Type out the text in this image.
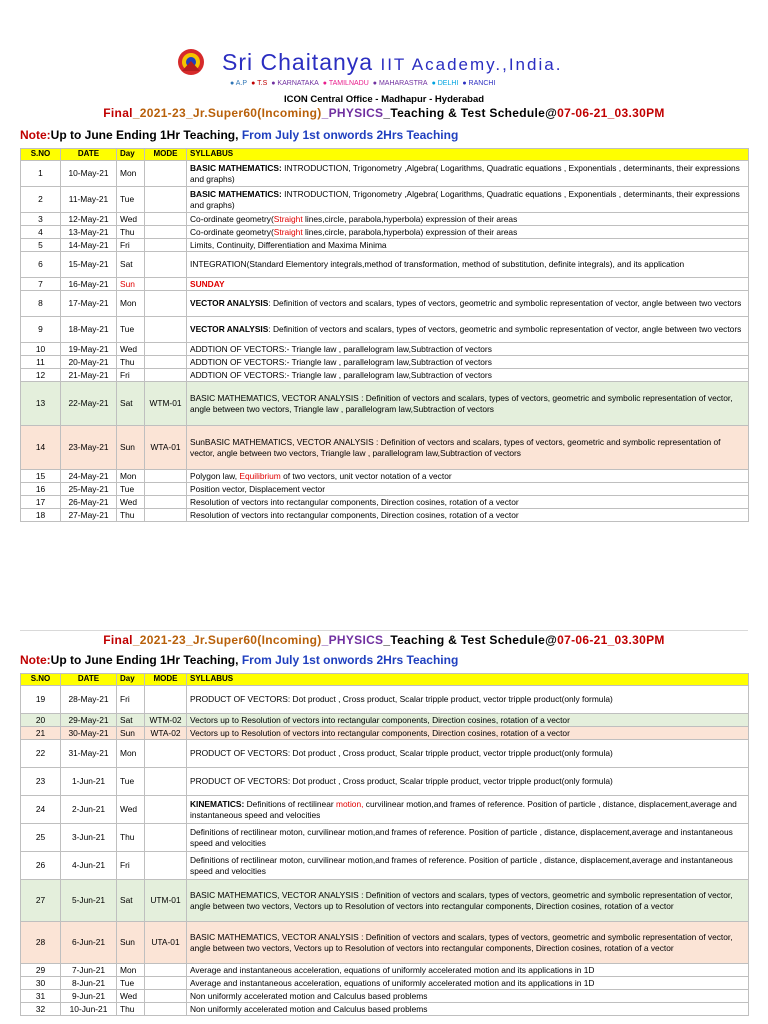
Sri Chaitanya IIT Academy.,India.
● A.P ● T.S ● KARNATAKA ● TAMILNADU ● MAHARASTRA ● DELHI ● RANCHI
ICON Central Office - Madhapur - Hyderabad
Final_2021-23_Jr.Super60(Incoming)_PHYSICS_Teaching & Test Schedule@07-06-21_03.30PM
Note:Up to June Ending 1Hr Teaching, From July 1st onwords 2Hrs Teaching
S.NO	DATE	Day	MODE	SYLLABUS
1	10-May-21	Mon		BASIC MATHEMATICS: INTRODUCTION, Trigonometry ,Algebra( Logarithms, Quadratic equations , Exponentials , determinants, their expressions and graphs)
2	11-May-21	Tue		BASIC MATHEMATICS: INTRODUCTION, Trigonometry ,Algebra( Logarithms, Quadratic equations , Exponentials , determinants, their expressions and graphs)
3	12-May-21	Wed		Co-ordinate geometry(Straight lines,circle, parabola,hyperbola) expression of their areas
4	13-May-21	Thu		Co-ordinate geometry(Straight lines,circle, parabola,hyperbola) expression of their areas
5	14-May-21	Fri		Limits, Continuity, Differentiation and Maxima Minima
6	15-May-21	Sat		INTEGRATION(Standard Elementory integrals,method of transformation, method of substitution, definite integrals), and its application
7	16-May-21	Sun		SUNDAY
8	17-May-21	Mon		VECTOR ANALYSIS: Definition of vectors and scalars, types of vectors, geometric and symbolic representation of vector, angle between two vectors
9	18-May-21	Tue		VECTOR ANALYSIS: Definition of vectors and scalars, types of vectors, geometric and symbolic representation of vector, angle between two vectors
10	19-May-21	Wed		ADDTION OF VECTORS:- Triangle law , parallelogram law,Subtraction of vectors
11	20-May-21	Thu		ADDTION OF VECTORS:- Triangle law , parallelogram law,Subtraction of vectors
12	21-May-21	Fri		ADDTION OF VECTORS:- Triangle law , parallelogram law,Subtraction of vectors
13	22-May-21	Sat	WTM-01	BASIC MATHEMATICS, VECTOR ANALYSIS : Definition of vectors and scalars, types of vectors, geometric and symbolic representation of vector, angle between two vectors, Triangle law , parallelogram law,Subtraction of vectors
14	23-May-21	Sun	WTA-01	SunBASIC MATHEMATICS, VECTOR ANALYSIS : Definition of vectors and scalars, types of vectors, geometric and symbolic representation of vector, angle between two vectors, Triangle law , parallelogram law,Subtraction of vectors
15	24-May-21	Mon		Polygon law, Equilibrium of two vectors, unit vector notation of a vector
16	25-May-21	Tue		Position vector, Displacement vector
17	26-May-21	Wed		Resolution of vectors into rectangular components, Direction cosines, rotation of a vector
18	27-May-21	Thu		Resolution of vectors into rectangular components, Direction cosines, rotation of a vector
Final_2021-23_Jr.Super60(Incoming)_PHYSICS_Teaching & Test Schedule@07-06-21_03.30PM
Note:Up to June Ending 1Hr Teaching, From July 1st onwords 2Hrs Teaching
S.NO	DATE	Day	MODE	SYLLABUS
19	28-May-21	Fri		PRODUCT OF VECTORS: Dot product , Cross product, Scalar tripple product, vector tripple product(only formula)
20	29-May-21	Sat	WTM-02	Vectors up to Resolution of vectors into rectangular components, Direction cosines, rotation of a vector
21	30-May-21	Sun	WTA-02	Vectors up to Resolution of vectors into rectangular components, Direction cosines, rotation of a vector
22	31-May-21	Mon		PRODUCT OF VECTORS: Dot product , Cross product, Scalar tripple product, vector tripple product(only formula)
23	1-Jun-21	Tue		PRODUCT OF VECTORS: Dot product , Cross product, Scalar tripple product, vector tripple product(only formula)
24	2-Jun-21	Wed		KINEMATICS: Definitions of rectilinear motion, curvilinear motion,and frames of reference. Position of particle , distance, displacement,average and instantaneous speed and velocities
25	3-Jun-21	Thu		Definitions of rectilinear moton, curvilinear motion,and frames of reference. Position of particle , distance, displacement,average and instantaneous speed and velocities
26	4-Jun-21	Fri		Definitions of rectilinear moton, curvilinear motion,and frames of reference. Position of particle , distance, displacement,average and instantaneous speed and velocities
27	5-Jun-21	Sat	UTM-01	BASIC MATHEMATICS, VECTOR ANALYSIS : Definition of vectors and scalars, types of vectors, geometric and symbolic representation of vector, angle between two vectors, Vectors up to Resolution of vectors into rectangular components, Direction cosines, rotation of a vector
28	6-Jun-21	Sun	UTA-01	BASIC MATHEMATICS, VECTOR ANALYSIS : Definition of vectors and scalars, types of vectors, geometric and symbolic representation of vector, angle between two vectors, Vectors up to Resolution of vectors into rectangular components, Direction cosines, rotation of a vector
29	7-Jun-21	Mon		Average and instantaneous acceleration, equations of uniformly accelerated motion and its applications in 1D
30	8-Jun-21	Tue		Average and instantaneous acceleration, equations of uniformly accelerated motion and its applications in 1D
31	9-Jun-21	Wed		Non uniformly accelerated motion and Calculus based problems
32	10-Jun-21	Thu		Non uniformly accelerated motion and Calculus based problems
